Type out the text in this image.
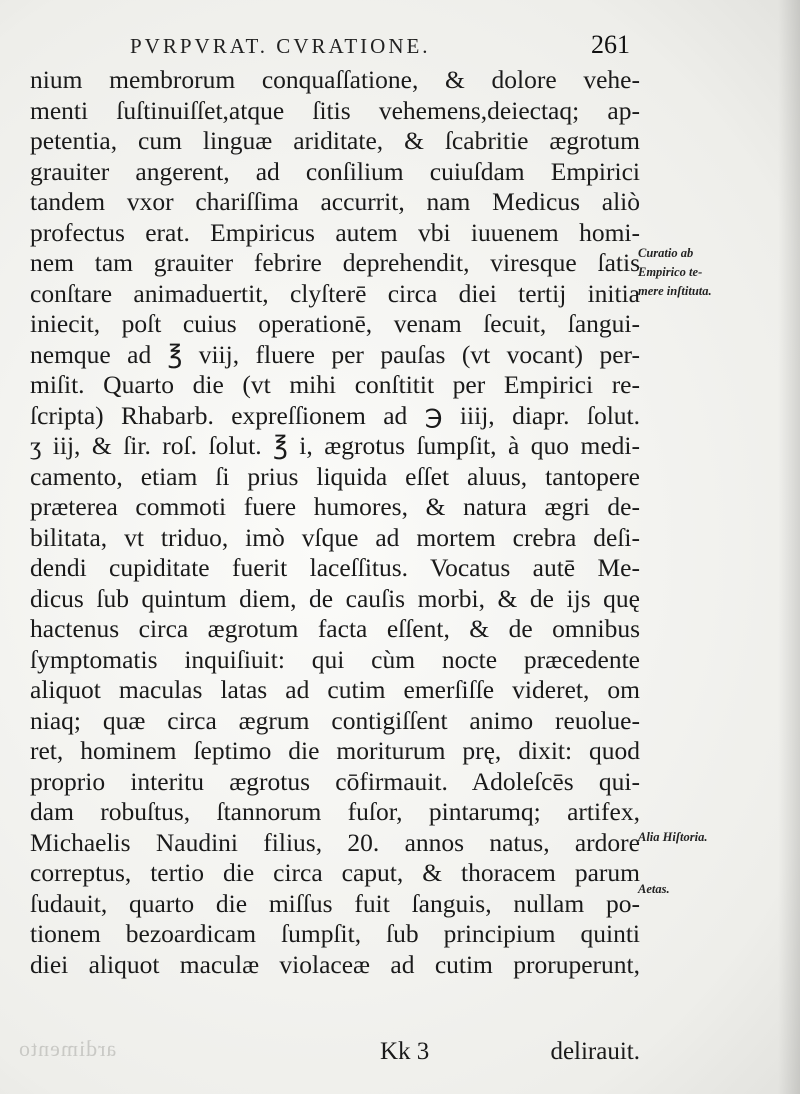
PVRPVRAT. CVRATIONE.	261
nium membrorum conquaſſatione, & dolore vehe-
menti ſuſtinuiſſet,atque ſitis vehemens,deiectaq; ap-
petentia, cum linguæ ariditate, & ſcabritie ægrotum
grauiter angerent, ad conſilium cuiuſdam Empirici
tandem vxor chariſſima accurrit, nam Medicus aliò
profectus erat. Empiricus autem vbi iuuenem homi-
nem tam grauiter febrire deprehendit, viresque ſatis
conſtare animaduertit, clyſterē circa diei tertij initia
iniecit, poſt cuius operationē, venam ſecuit, ſangui-
nemque ad ℥ viij, fluere per pauſas (vt vocant) per-
miſit. Quarto die (vt mihi conſtitit per Empirici re-
ſcripta) Rhabarb. expreſſionem ad ℈ iiij, diapr. ſolut.
ʒ iij, & ſir. roſ. ſolut. ℥ i, ægrotus ſumpſit, à quo medi-
camento, etiam ſi prius liquida eſſet aluus, tantopere
præterea commoti fuere humores, & natura ægri de-
bilitata, vt triduo, imò vſque ad mortem crebra deſi-
dendi cupiditate fuerit laceſſitus. Vocatus autē Me-
dicus ſub quintum diem, de cauſis morbi, & de ijs quę
hactenus circa ægrotum facta eſſent, & de omnibus
ſymptomatis inquiſiuit: qui cùm nocte præcedente
aliquot maculas latas ad cutim emerſiſſe videret, om
niaq; quæ circa ægrum contigiſſent animo reuolue-
ret, hominem ſeptimo die moriturum prę, dixit: quod
proprio interitu ægrotus cōfirmauit. Adoleſcēs qui-
dam robuſtus, ſtannorum fuſor, pintarumq; artifex,
Michaelis Naudini filius, 20. annos natus, ardore
correptus, tertio die circa caput, & thoracem parum
ſudauit, quarto die miſſus fuit ſanguis, nullam po-
tionem bezoardicam ſumpſit, ſub principium quinti
diei aliquot maculæ violaceæ ad cutim proruperunt,
Curatio ab
Empirico te-
mere inſtituta.
Alia Hiſtoria.
Aetas.
ardimento	Kk 3	delirauit.
